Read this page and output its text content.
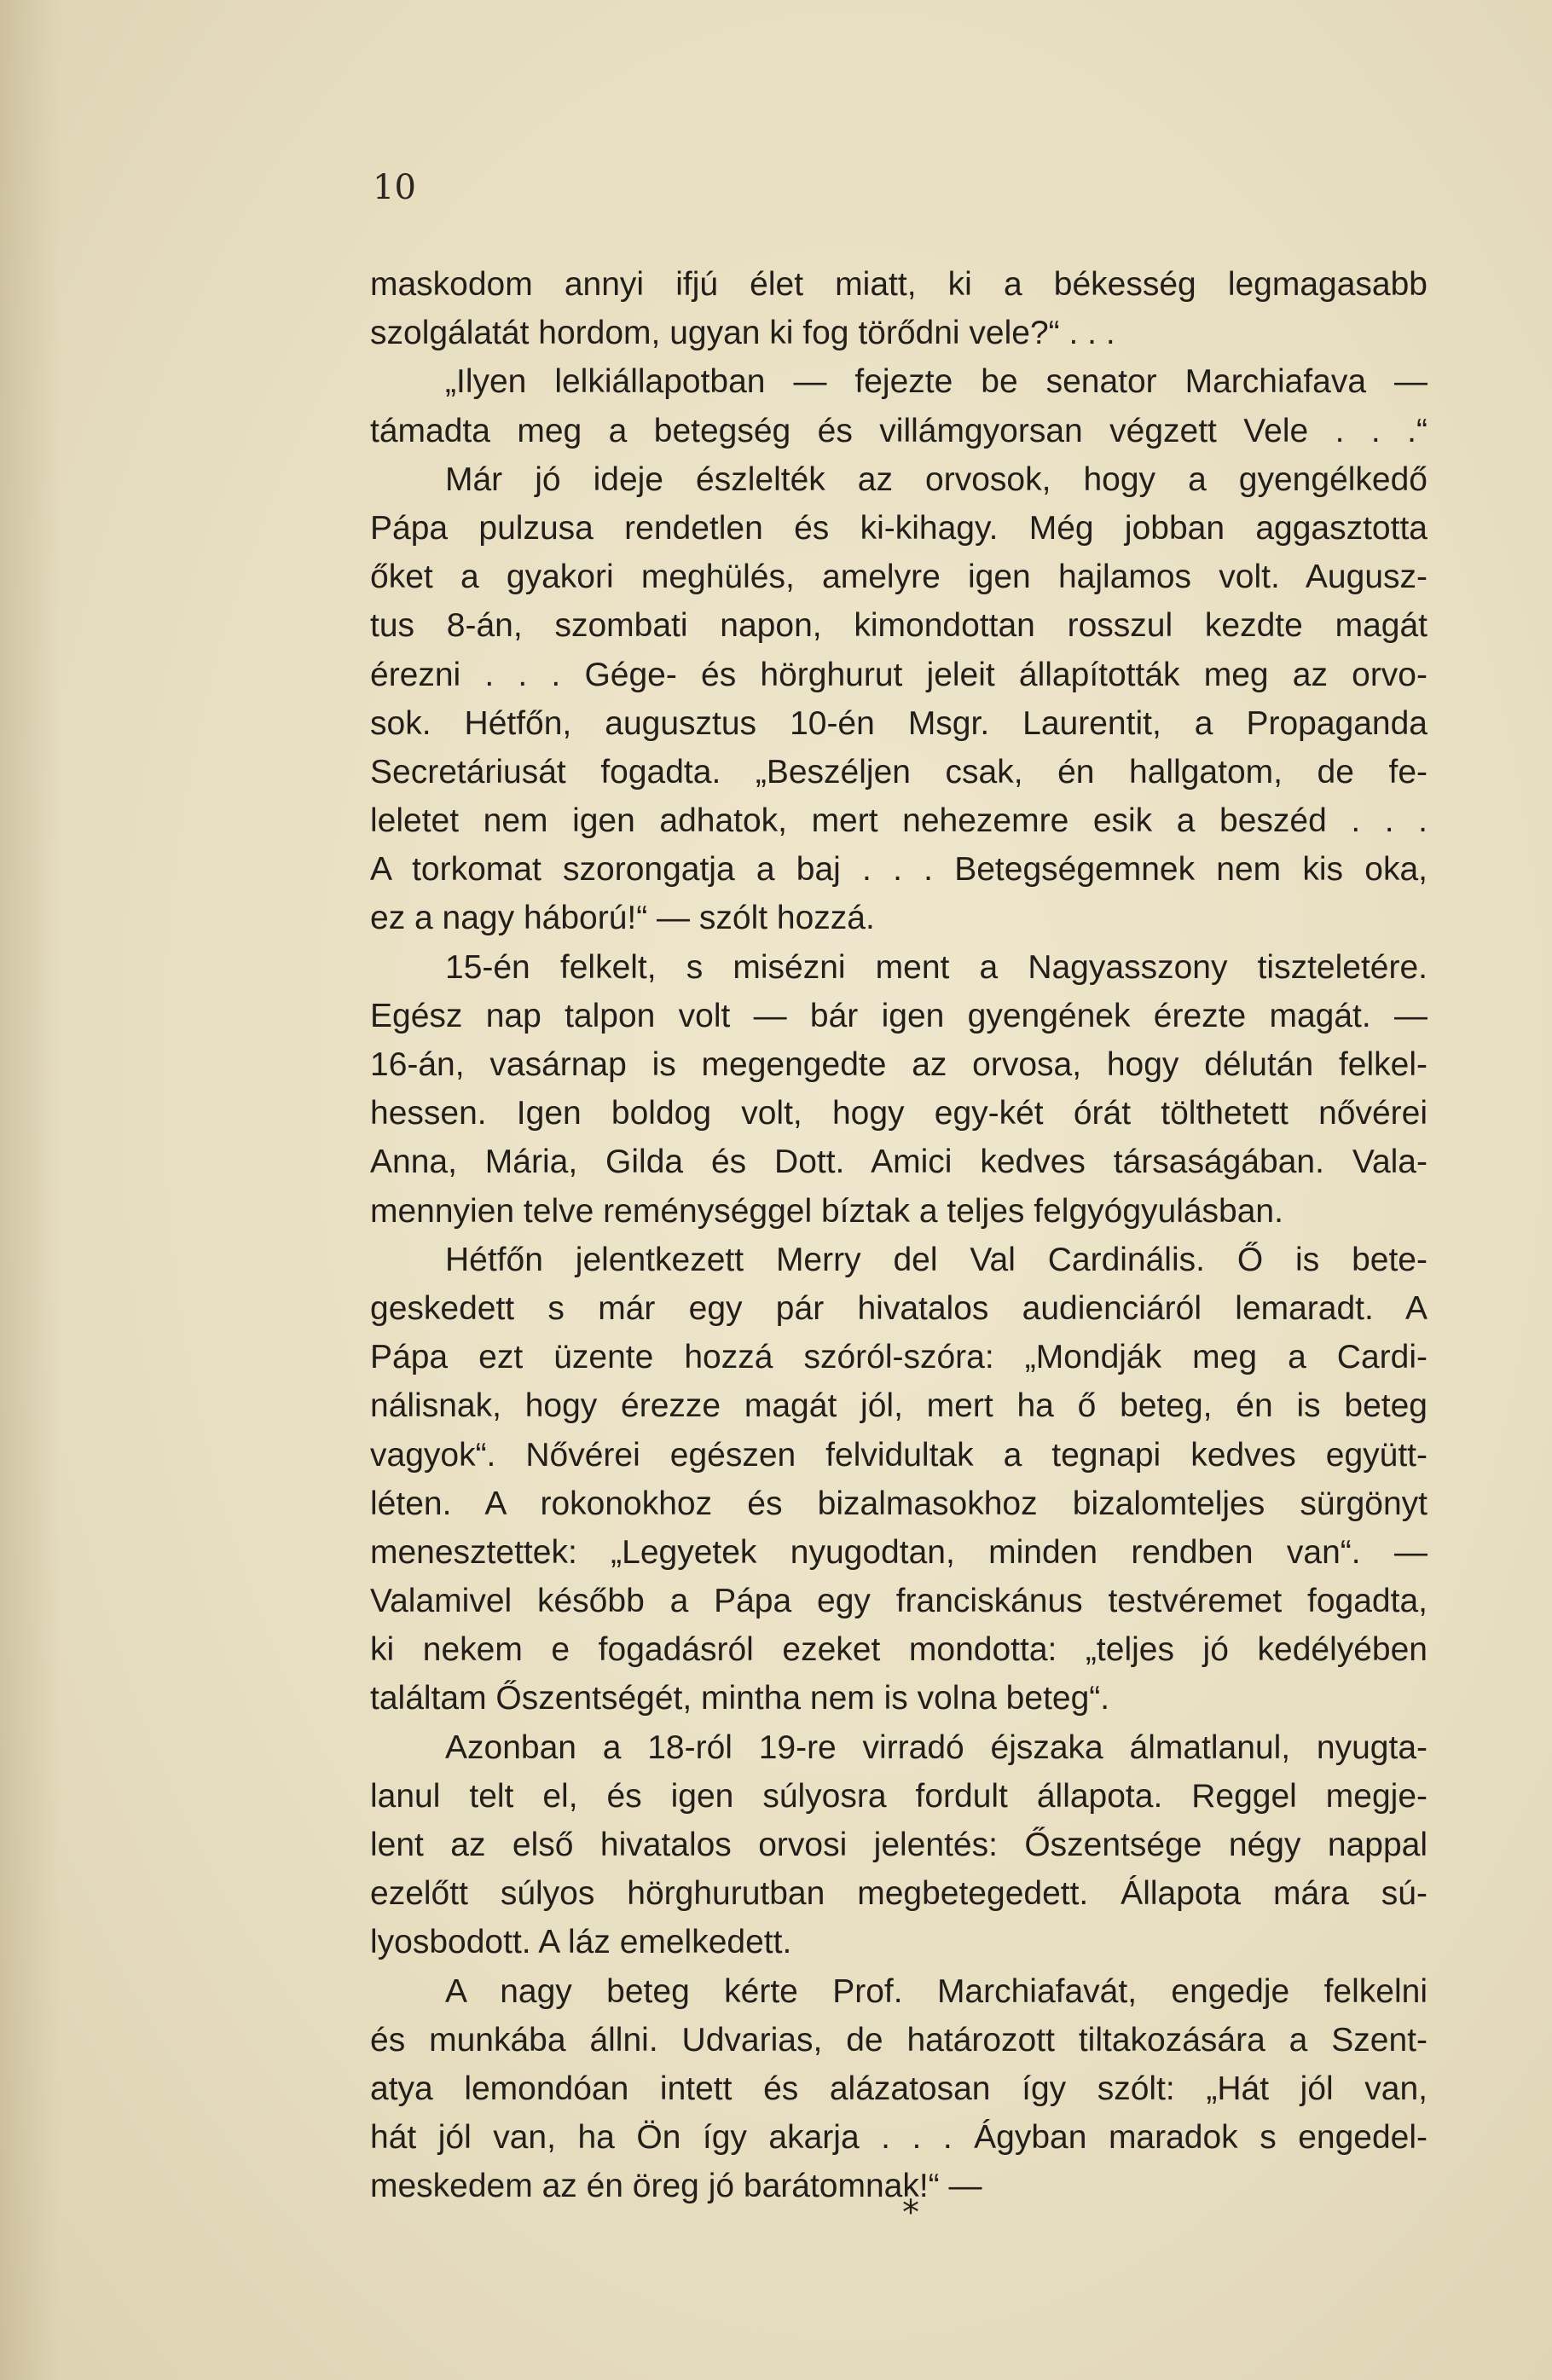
10
maskodom annyi ifjú élet miatt, ki a békesség legmagasabb
szolgálatát hordom, ugyan ki fog törődni vele?“ . . .
„Ilyen lelkiállapotban — fejezte be senator Marchiafava —
támadta meg a betegség és villámgyorsan végzett Vele . . .“
Már jó ideje észlelték az orvosok, hogy a gyengélkedő
Pápa pulzusa rendetlen és ki-kihagy. Még jobban aggasztotta
őket a gyakori meghülés, amelyre igen hajlamos volt. Augusz-
tus 8-án, szombati napon, kimondottan rosszul kezdte magát
érezni . . . Gége- és hörghurut jeleit állapították meg az orvo-
sok. Hétfőn, augusztus 10-én Msgr. Laurentit, a Propaganda
Secretáriusát fogadta. „Beszéljen csak, én hallgatom, de fe-
leletet nem igen adhatok, mert nehezemre esik a beszéd . . .
A torkomat szorongatja a baj . . . Betegségemnek nem kis oka,
ez a nagy háború!“ — szólt hozzá.
15-én felkelt, s misézni ment a Nagyasszony tiszteletére.
Egész nap talpon volt — bár igen gyengének érezte magát. —
16-án, vasárnap is megengedte az orvosa, hogy délután felkel-
hessen. Igen boldog volt, hogy egy-két órát tölthetett nővérei
Anna, Mária, Gilda és Dott. Amici kedves társaságában. Vala-
mennyien telve reménységgel bíztak a teljes felgyógyulásban.
Hétfőn jelentkezett Merry del Val Cardinális. Ő is bete-
geskedett s már egy pár hivatalos audienciáról lemaradt. A
Pápa ezt üzente hozzá szóról-szóra: „Mondják meg a Cardi-
nálisnak, hogy érezze magát jól, mert ha ő beteg, én is beteg
vagyok“. Nővérei egészen felvidultak a tegnapi kedves együtt-
léten. A rokonokhoz és bizalmasokhoz bizalomteljes sürgönyt
menesztettek: „Legyetek nyugodtan, minden rendben van“. —
Valamivel később a Pápa egy franciskánus testvéremet fogadta,
ki nekem e fogadásról ezeket mondotta: „teljes jó kedélyében
találtam Őszentségét, mintha nem is volna beteg“.
Azonban a 18-ról 19-re virradó éjszaka álmatlanul, nyugta-
lanul telt el, és igen súlyosra fordult állapota. Reggel megje-
lent az első hivatalos orvosi jelentés: Őszentsége négy nappal
ezelőtt súlyos hörghurutban megbetegedett. Állapota mára sú-
lyosbodott. A láz emelkedett.
A nagy beteg kérte Prof. Marchiafavát, engedje felkelni
és munkába állni. Udvarias, de határozott tiltakozására a Szent-
atya lemondóan intett és alázatosan így szólt: „Hát jól van,
hát jól van, ha Ön így akarja . . . Ágyban maradok s engedel-
meskedem az én öreg jó barátomnak!“ —
*
